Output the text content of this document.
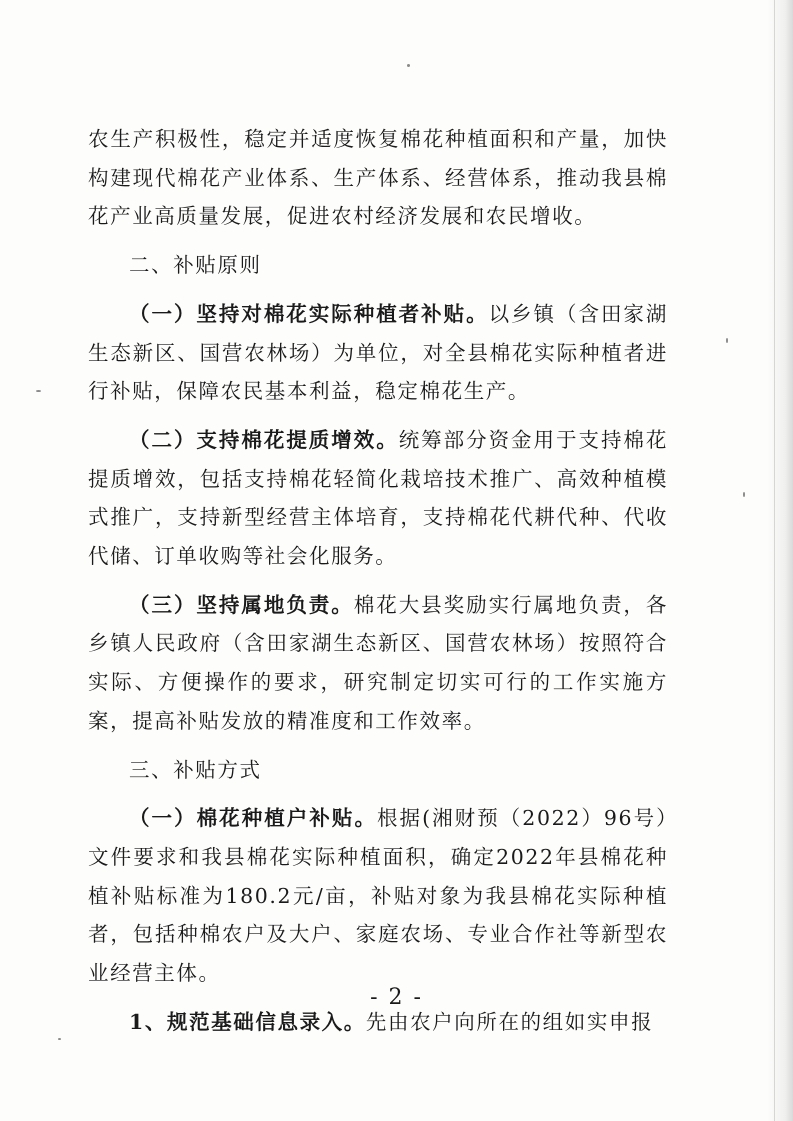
农生产积极性，稳定并适度恢复棉花种植面积和产量，加快构建现代棉花产业体系、生产体系、经营体系，推动我县棉花产业高质量发展，促进农村经济发展和农民增收。

二、补贴原则

（一）坚持对棉花实际种植者补贴。以乡镇（含田家湖生态新区、国营农林场）为单位，对全县棉花实际种植者进行补贴，保障农民基本利益，稳定棉花生产。

（二）支持棉花提质增效。统筹部分资金用于支持棉花提质增效，包括支持棉花轻简化栽培技术推广、高效种植模式推广，支持新型经营主体培育，支持棉花代耕代种、代收代储、订单收购等社会化服务。

（三）坚持属地负责。棉花大县奖励实行属地负责，各乡镇人民政府（含田家湖生态新区、国营农林场）按照符合实际、方便操作的要求，研究制定切实可行的工作实施方案，提高补贴发放的精准度和工作效率。

三、补贴方式

（一）棉花种植户补贴。根据(湘财预（2022）96号）文件要求和我县棉花实际种植面积，确定2022年县棉花种植补贴标准为180.2元/亩，补贴对象为我县棉花实际种植者，包括种棉农户及大户、家庭农场、专业合作社等新型农业经营主体。

1、规范基础信息录入。先由农户向所在的组如实申报

- 2 -
